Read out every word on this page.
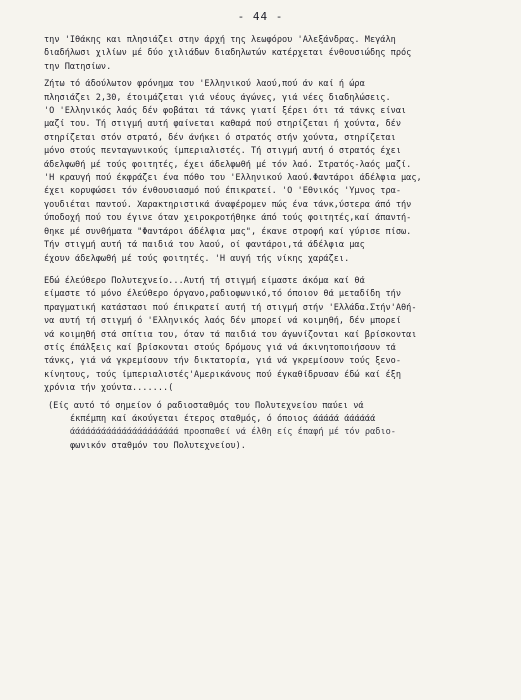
- 44 -
την 'Ιθάκης και πλησιάζει στην άρχή της λεωφόρου 'Αλεξάνδρας. Μεγάλη
διαδήλωσι χιλίων μέ δύο χιλιάδων διαδηλωτών κατέρχεται ένθουσιώδης πρός
την Πατησίων.
Ζήτω τό άδούλωτον φρόνημα του 'Ελληνικού λαού,πού άν καί ή ώρα
πλησιάζει 2,30, έτοιμάζεται γιά νέους άγώνες, γιά νέες διαδηλώσεις.
'Ο 'Ελληνικός λαός δέν φοβάται τά τάνκς γιατί ξέρει ότι τά τάνκς είναι
μαζί του. Τή στιγμή αυτή φαίνεται καθαρά πού στηρίζεται ή χούντα, δέν
στηρίζεται στόν στρατό, δέν άνήκει ό στρατός στήν χούντα, στηρίζεται
μόνο στούς πενταγωνικούς ίμπεριαλιστές. Τή στιγμή αυτή ό στρατός έχει
άδελφωθή μέ τούς φοιτητές, έχει άδελφωθή μέ τόν λαό. Στρατός-λαός μαζί.
'Η κραυγή πού έκφράζει ένα πόθο του 'Ελληνικού λαού.Φαντάροι άδέλφια μας,
έχει κορυφώσει τόν ένθουσιασμό πού έπικρατεί. 'Ο 'Εθνικός 'Υμνος τρα-
γουδιέται παντού. Χαρακτηριστικά άναφέρομεν πώς ένα τάνκ,ύστερα άπό τήν
ύποδοχή πού του έγινε όταν χειροκροτήθηκε άπό τούς φοιτητές,καί άπαντή-
θηκε μέ συνθήματα "Φαντάροι άδέλφια μας", έκανε στροφή καί γύρισε πίσω.
Τήν στιγμή αυτή τά παιδιά του λαού, οί φαντάροι,τά άδέλφια μας
έχουν άδελφωθή μέ τούς φοιτητές. 'Η αυγή τής νίκης χαράζει.
Εδώ έλεύθερο Πολυτεχνείο...Αυτή τή στιγμή είμαστε άκόμα καί θά
είμαστε τό μόνο έλεύθερο όργανο,ραδιοφωνικό,τό όποιον θά μεταδίδη τήν
πραγματική κατάστασι πού έπικρατεί αυτή τή στιγμή στήν 'Ελλάδα.Στήν'Αθή-
να αυτή τή στιγμή ό 'Ελληνικός λαός δέν μπορεί νά κοιμηθή, δέν μπορεί
νά κοιμηθή στά σπίτια του, όταν τά παιδιά του άγωνίζονται καί βρίσκονται
στίς έπάλξεις καί βρίσκονται στούς δρόμους γιά νά άκινητοποιήσουν τά
τάνκς, γιά νά γκρεμίσουν τήν δικτατορία, γιά νά γκρεμίσουν τούς ξενο-
κίνητους, τούς ίμπεριαλιστές'Αμερικάνους πού έγκαθίδρυσαν έδώ καί έξη
χρόνια τήν χούντα.......(
(Είς αυτό τό σημείον ό ραδιοσταθμός του Πολυτεχνείου παύει νά
έκπέμπη καί άκούγεται έτερος σταθμός, ό όποιος άάάάά άάάάάά
άάάάάάάάάάάάάάάάάάάάά προσπαθεί νά έλθη είς έπαφή μέ τόν ραδιο-
φωνικόν σταθμόν του Πολυτεχνείου).
